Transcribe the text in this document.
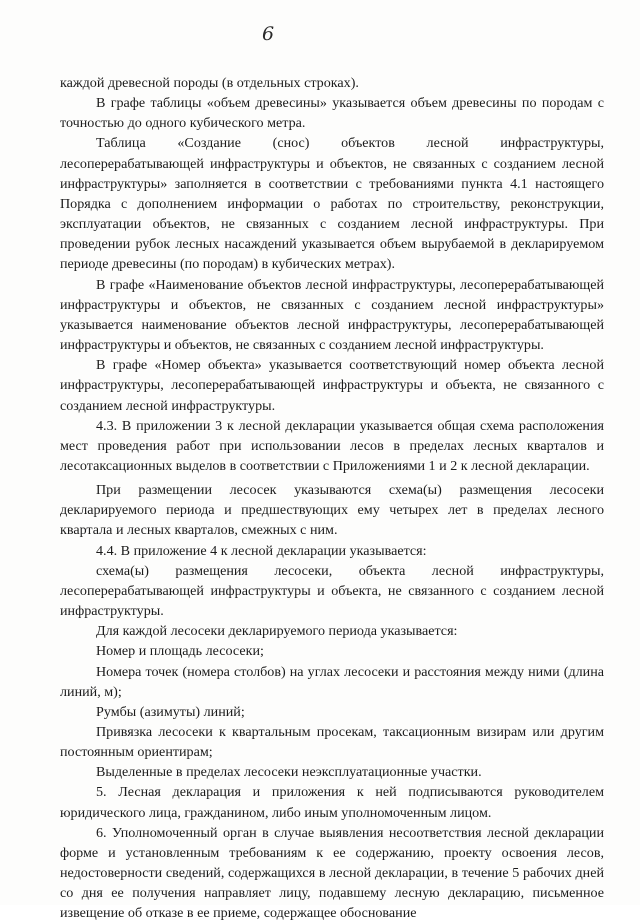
6

каждой древесной породы (в отдельных строках).

В графе таблицы «объем древесины» указывается объем древесины по породам с точностью до одного кубического метра.

Таблица «Создание (снос) объектов лесной инфраструктуры, лесоперерабатывающей инфраструктуры и объектов, не связанных с созданием лесной инфраструктуры» заполняется в соответствии с требованиями пункта 4.1 настоящего Порядка с дополнением информации о работах по строительству, реконструкции, эксплуатации объектов, не связанных с созданием лесной инфраструктуры. При проведении рубок лесных насаждений указывается объем вырубаемой в декларируемом периоде древесины (по породам) в кубических метрах).

В графе «Наименование объектов лесной инфраструктуры, лесоперерабатывающей инфраструктуры и объектов, не связанных с созданием лесной инфраструктуры» указывается наименование объектов лесной инфраструктуры, лесоперерабатывающей инфраструктуры и объектов, не связанных с созданием лесной инфраструктуры.

В графе «Номер объекта» указывается соответствующий номер объекта лесной инфраструктуры, лесоперерабатывающей инфраструктуры и объекта, не связанного с созданием лесной инфраструктуры.

4.3. В приложении 3 к лесной декларации указывается общая схема расположения мест проведения работ при использовании лесов в пределах лесных кварталов и лесотаксационных выделов в соответствии с Приложениями 1 и 2 к лесной декларации.

При размещении лесосек указываются схема(ы) размещения лесосеки декларируемого периода и предшествующих ему четырех лет в пределах лесного квартала и лесных кварталов, смежных с ним.

4.4. В приложение 4 к лесной декларации указывается:

схема(ы) размещения лесосеки, объекта лесной инфраструктуры, лесоперерабатывающей инфраструктуры и объекта, не связанного с созданием лесной инфраструктуры.

Для каждой лесосеки декларируемого периода указывается:

Номер и площадь лесосеки;

Номера точек (номера столбов) на углах лесосеки и расстояния между ними (длина линий, м);

Румбы (азимуты) линий;

Привязка лесосеки к квартальным просекам, таксационным визирам или другим постоянным ориентирам;

Выделенные в пределах лесосеки неэксплуатационные участки.

5. Лесная декларация и приложения к ней подписываются руководителем юридического лица, гражданином, либо иным уполномоченным лицом.

6. Уполномоченный орган в случае выявления несоответствия лесной декларации форме и установленным требованиям к ее содержанию, проекту освоения лесов, недостоверности сведений, содержащихся в лесной декларации, в течение 5 рабочих дней со дня ее получения направляет лицу, подавшему лесную декларацию, письменное извещение об отказе в ее приеме, содержащее обоснование
